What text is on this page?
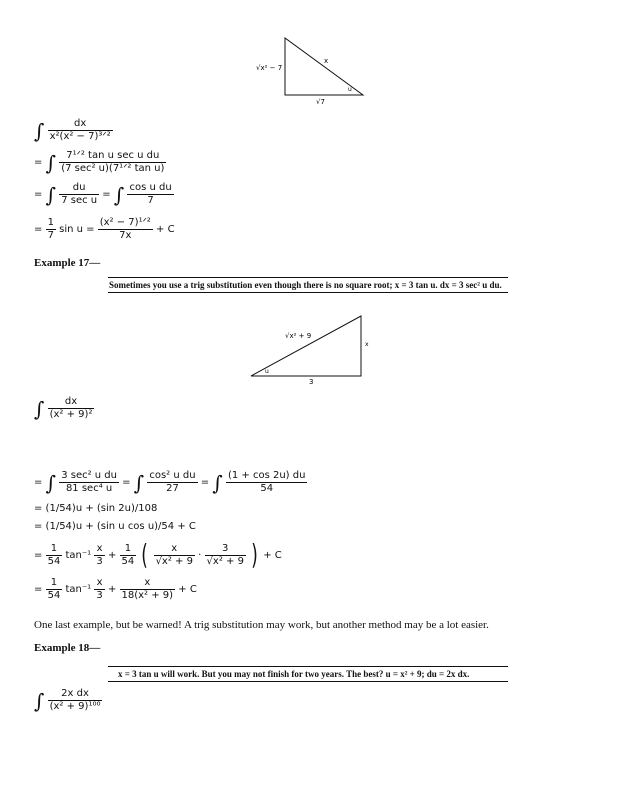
√x² − 7
x
√7
u
∫ $\frac{dx}{\text{x²(x² − 7)³ᐟ²}}$
= ∫ $\frac{\text{7¹ᐟ² tan u sec u du}}{\text{(7 sec² u)(7¹ᐟ² tan u)}}$
= ∫ $\frac{du}{\text{7 sec u}}$ = ∫ $\frac{\text{cos u du}}{7}$
= $\frac{1}{7}$ $\sin u = \frac{\text{(x² − 7)¹ᐟ²}}{7x} + C$
Example 17—
Sometimes you use a trig substitution even though there is no square root; x = 3 tan u. dx = 3 sec² u du.
√x² + 9
x
3
u
∫ $\frac{dx}{\text{(x² + 9)²}}$
= ∫ $\frac{\text{3 sec² u du}}{\text{81 sec⁴ u}}$ = ∫ $\frac{\text{cos² u du}}{27}$ = ∫ $\frac{(1 + \cos 2u) du}{54}$
= (1/54)u + (sin 2u)/108
= (1/54)u + (sin u cos u)/54 + C
= $\frac{1}{54} \tan^{-1} \frac{x}{3} + \frac{1}{54}$ ( $\frac{x}{\text{√x² + 9}} \cdot \frac{3}{\text{√x² + 9}}$ ) + C
= $\frac{1}{54} \tan^{-1} \frac{x}{3} + \frac{x}{\text{18(x² + 9)}} + C$
One last example, but be warned! A trig substitution may work, but another method may be a lot easier.
Example 18—
x = 3 tan u will work. But you may not finish for two years. The best? u = x² + 9; du = 2x dx.
∫ $\frac{\text{2x dx}}{\text{(x² + 9)¹⁰⁰}}$
